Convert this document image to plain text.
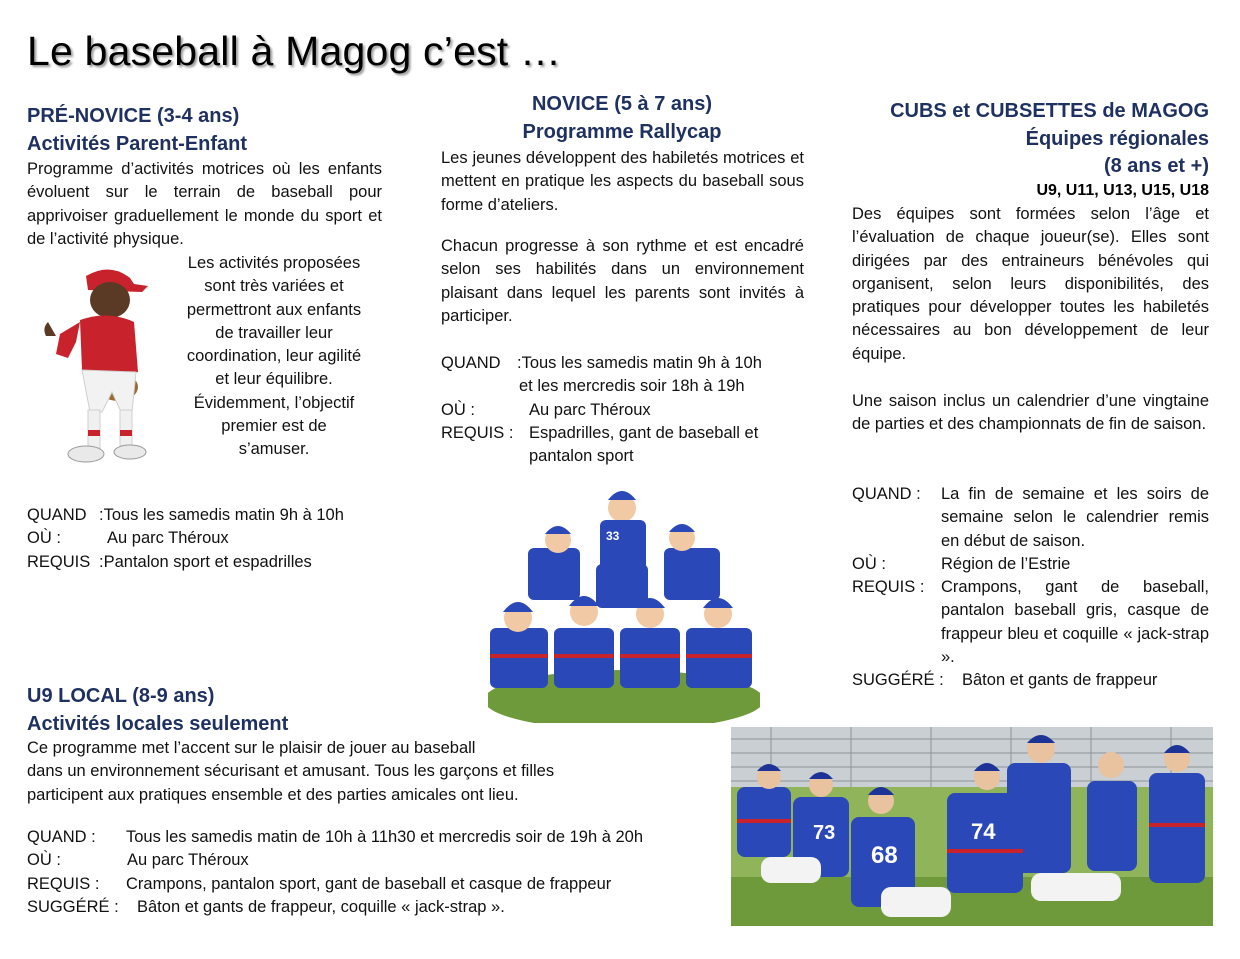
Le baseball à Magog c’est …
PRÉ-NOVICE (3-4 ans)
Activités Parent-Enfant
Programme d’activités motrices où les enfants évoluent sur le terrain de baseball pour apprivoiser graduellement le monde du sport et de l’activité physique.
Les activités proposées
sont très variées et
permettront aux enfants
de travailler leur
coordination, leur agilité
et leur équilibre.
Évidemment, l’objectif
premier est de
s’amuser.
QUAND :Tous les samedis matin 9h à 10h
OÙ :	Au parc Théroux
REQUIS :Pantalon sport et espadrilles
NOVICE (5 à 7 ans)
Programme Rallycap
Les jeunes développent des habiletés motrices et mettent en pratique les aspects du baseball sous forme d’ateliers.
Chacun progresse à son rythme et est encadré selon ses habilités dans un environnement plaisant dans lequel les parents sont invités à participer.
QUAND :Tous les samedis matin 9h à 10h
et les mercredis soir 18h à 19h
OÙ :	Au parc Théroux
REQUIS : Espadrilles, gant de baseball et
pantalon sport
33
CUBS et CUBSETTES de MAGOG
Équipes régionales
(8 ans et +)
U9, U11, U13, U15, U18
Des équipes sont formées selon l’âge et l’évaluation de chaque joueur(se). Elles sont dirigées par des entraineurs bénévoles qui organisent, selon leurs disponibilités, des pratiques pour développer toutes les habiletés nécessaires au bon développement de leur équipe.
Une saison inclus un calendrier d’une vingtaine de parties et des championnats de fin de saison.
QUAND :	La fin de semaine et les soirs de semaine selon le calendrier remis en début de saison.
OÙ :	Région de l’Estrie
REQUIS :	Crampons, gant de baseball, pantalon baseball gris, casque de frappeur bleu et coquille « jack-strap ».
SUGGÉRÉ :	Bâton et gants de frappeur
U9 LOCAL (8-9 ans)
Activités locales seulement
Ce programme met l’accent sur le plaisir de jouer au baseball
dans un environnement sécurisant et amusant. Tous les garçons et filles
participent aux pratiques ensemble et des parties amicales ont lieu.
QUAND :	Tous les samedis matin de 10h à 11h30 et mercredis soir de 19h à 20h
OÙ :	Au parc Théroux
REQUIS :	Crampons, pantalon sport, gant de baseball et casque de frappeur
SUGGÉRÉ :	Bâton et gants de frappeur, coquille « jack-strap ».
73	74
68
